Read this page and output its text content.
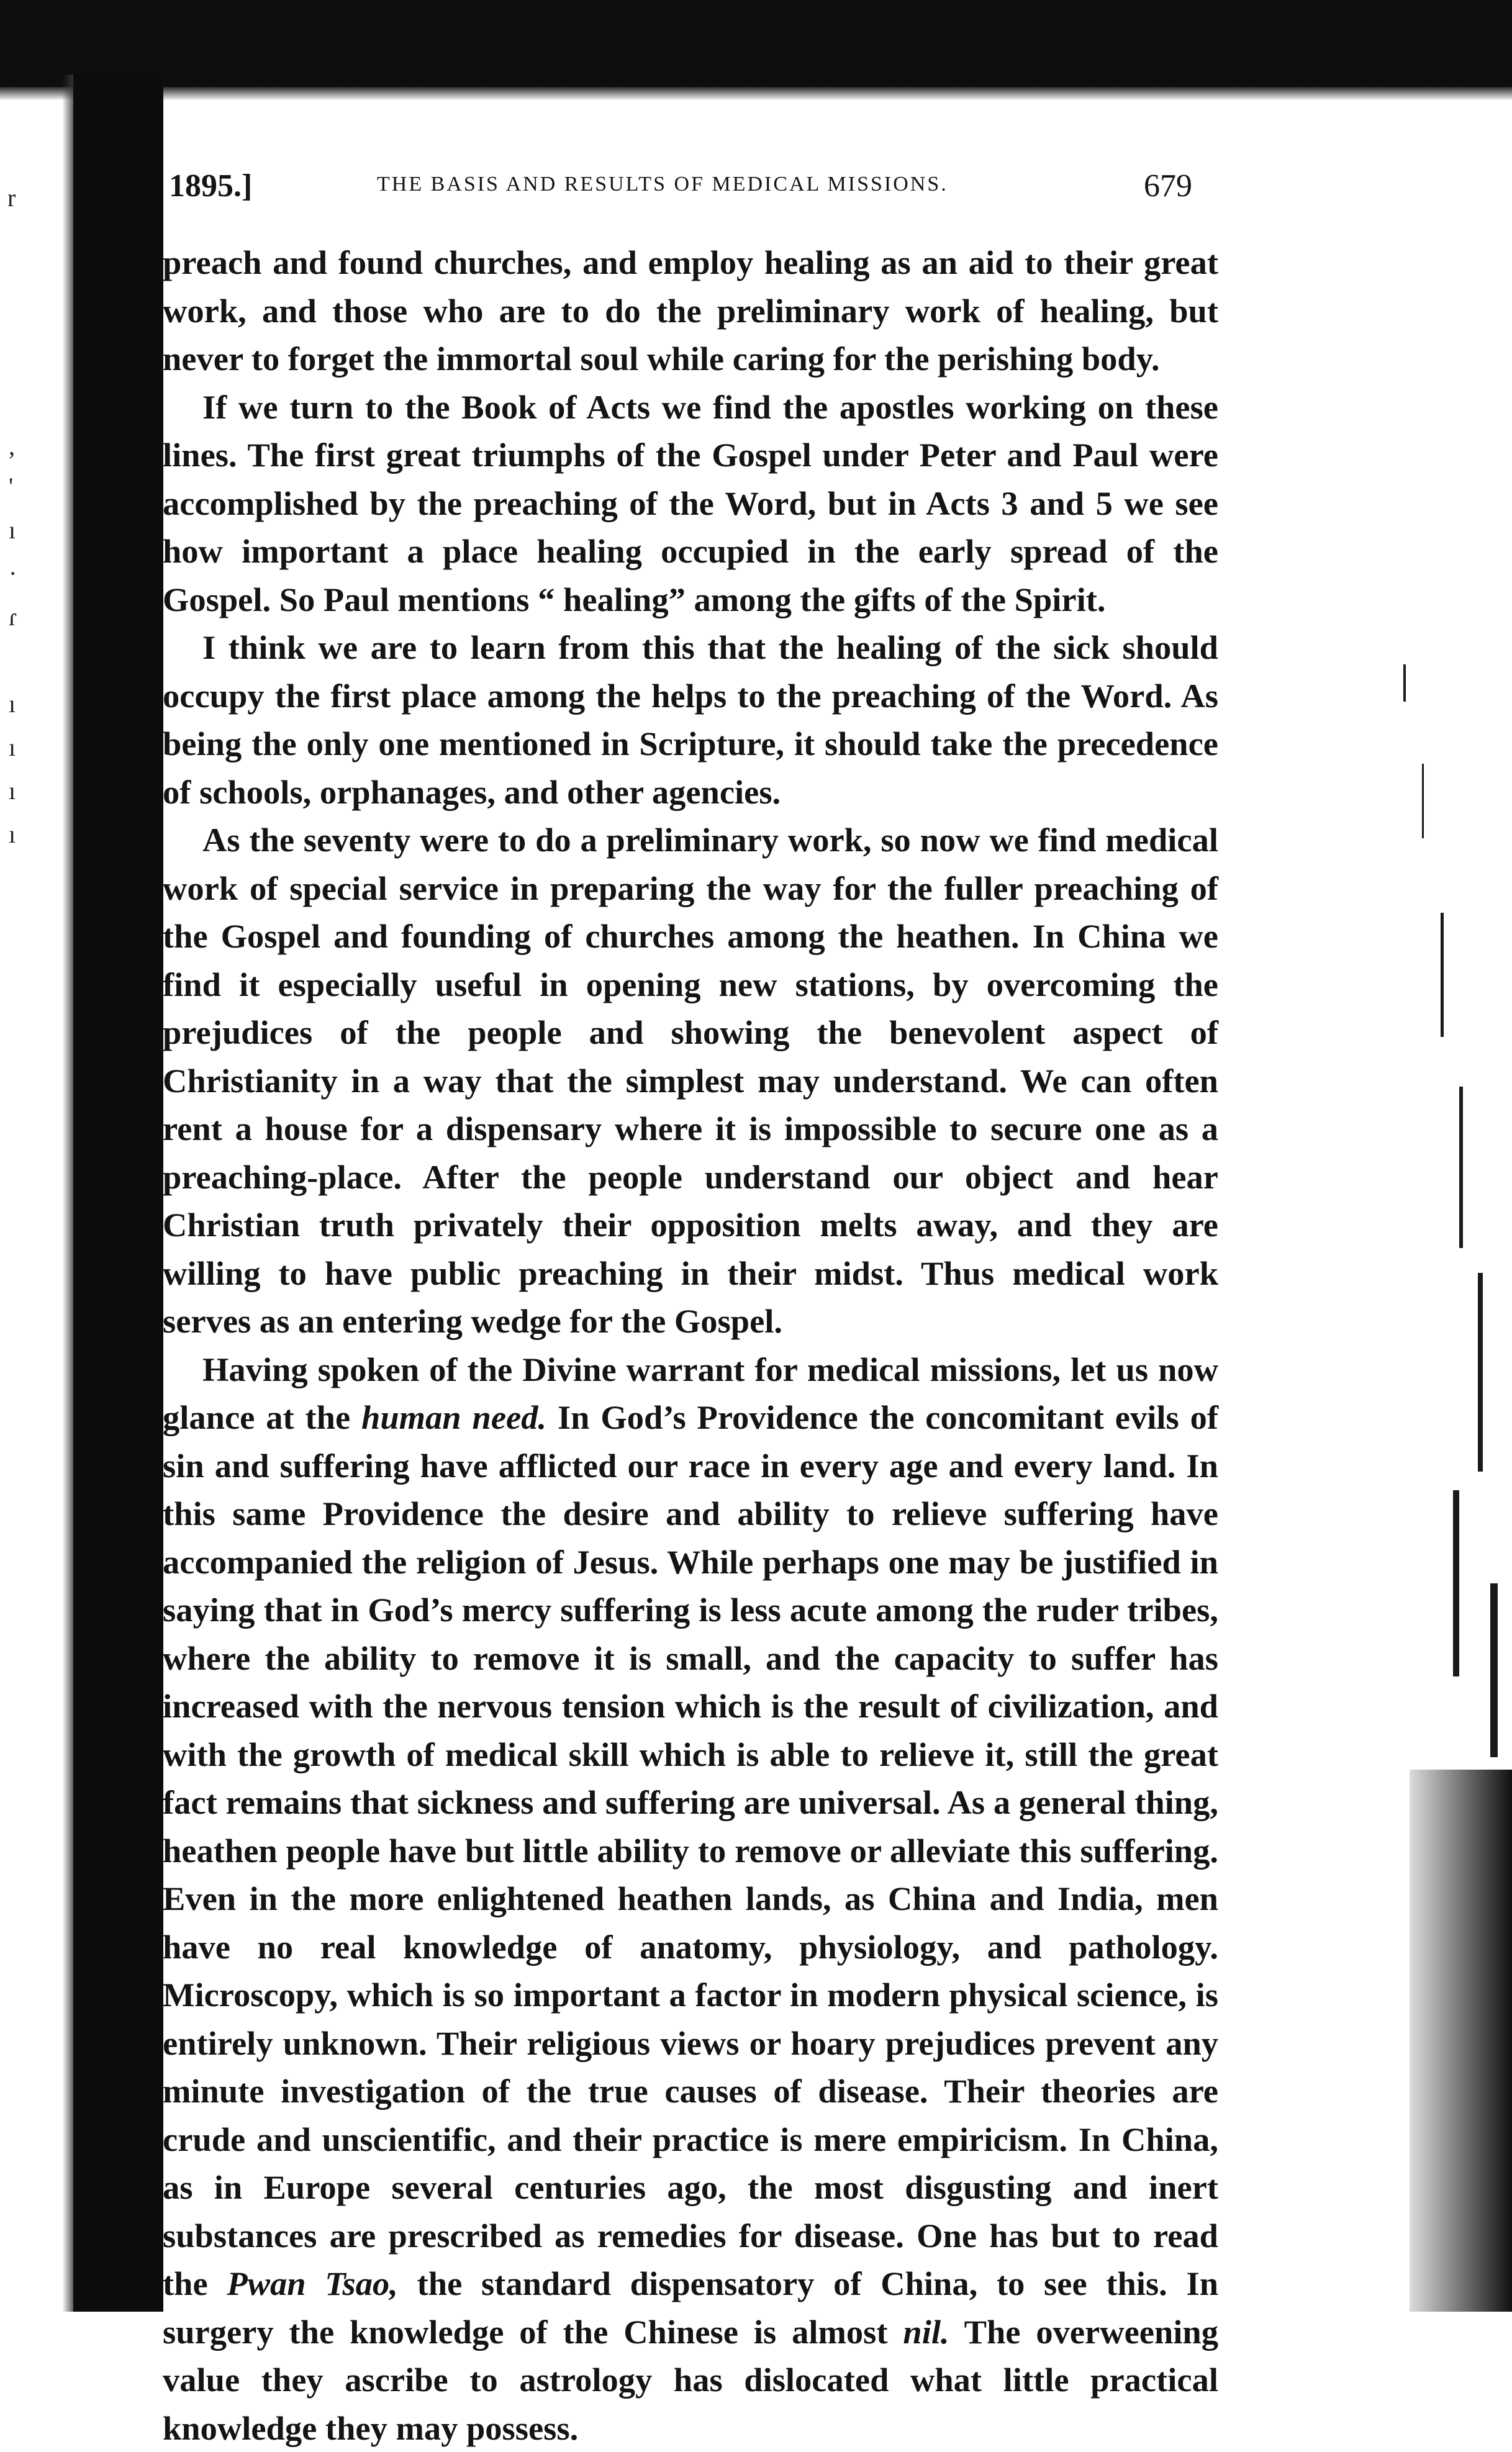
r
,
'
ı
·
ɾ
ı
ı
ı
ı
1895.]	THE BASIS AND RESULTS OF MEDICAL MISSIONS.	679

preach and found churches, and employ healing as an aid to their great work, and those who are to do the preliminary work of healing, but never to forget the immortal soul while caring for the perishing body.

If we turn to the Book of Acts we find the apostles working on these lines. The first great triumphs of the Gospel under Peter and Paul were accomplished by the preaching of the Word, but in Acts 3 and 5 we see how important a place healing occupied in the early spread of the Gospel. So Paul mentions “ healing” among the gifts of the Spirit.

I think we are to learn from this that the healing of the sick should occupy the first place among the helps to the preaching of the Word. As being the only one mentioned in Scripture, it should take the precedence of schools, orphanages, and other agencies.

As the seventy were to do a preliminary work, so now we find medical work of special service in preparing the way for the fuller preaching of the Gospel and founding of churches among the heathen. In China we find it especially useful in opening new stations, by overcoming the prejudices of the people and showing the benevolent aspect of Christianity in a way that the simplest may understand. We can often rent a house for a dispensary where it is impossible to secure one as a preaching-place. After the people understand our object and hear Christian truth privately their opposition melts away, and they are willing to have public preaching in their midst. Thus medical work serves as an entering wedge for the Gospel.

Having spoken of the Divine warrant for medical missions, let us now glance at the human need. In God’s Providence the concomitant evils of sin and suffering have afflicted our race in every age and every land. In this same Providence the desire and ability to relieve suffering have accompanied the religion of Jesus. While perhaps one may be justified in saying that in God’s mercy suffering is less acute among the ruder tribes, where the ability to remove it is small, and the capacity to suffer has increased with the nervous tension which is the result of civilization, and with the growth of medical skill which is able to relieve it, still the great fact remains that sickness and suffering are universal. As a general thing, heathen people have but little ability to remove or alleviate this suffering. Even in the more enlightened heathen lands, as China and India, men have no real knowledge of anatomy, physiology, and pathology. Microscopy, which is so important a factor in modern physical science, is entirely unknown. Their religious views or hoary prejudices prevent any minute investigation of the true causes of disease. Their theories are crude and unscientific, and their practice is mere empiricism. In China, as in Europe several centuries ago, the most disgusting and inert substances are prescribed as remedies for disease. One has but to read the Pwan Tsao, the standard dispensatory of China, to see this. In surgery the knowledge of the Chinese is almost nil. The overweening value they ascribe to astrology has dislocated what little practical knowledge they may possess.
